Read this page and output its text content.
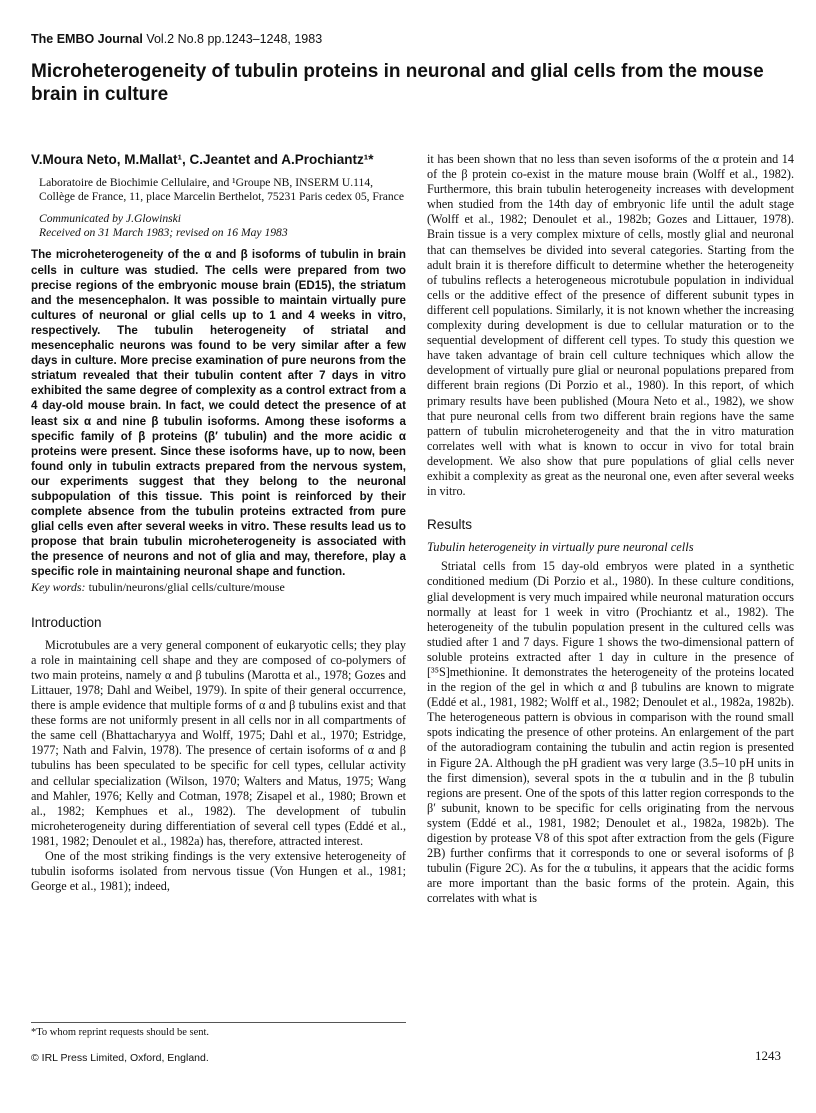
The EMBO Journal Vol.2 No.8 pp.1243–1248, 1983
Microheterogeneity of tubulin proteins in neuronal and glial cells from the mouse brain in culture
V.Moura Neto, M.Mallat¹, C.Jeantet and A.Prochiantz¹*
Laboratoire de Biochimie Cellulaire, and ¹Groupe NB, INSERM U.114, Collège de France, 11, place Marcelin Berthelot, 75231 Paris cedex 05, France
Communicated by J.Glowinski
Received on 31 March 1983; revised on 16 May 1983

The microheterogeneity of the α and β isoforms of tubulin in brain cells in culture was studied. The cells were prepared from two precise regions of the embryonic mouse brain (ED15), the striatum and the mesencephalon. It was possible to maintain virtually pure cultures of neuronal or glial cells up to 1 and 4 weeks in vitro, respectively. The tubulin heterogeneity of striatal and mesencephalic neurons was found to be very similar after a few days in culture. More precise examination of pure neurons from the striatum revealed that their tubulin content after 7 days in vitro exhibited the same degree of complexity as a control extract from a 4 day-old mouse brain. In fact, we could detect the presence of at least six α and nine β tubulin isoforms. Among these isoforms a specific family of β proteins (β′ tubulin) and the more acidic α proteins were present. Since these isoforms have, up to now, been found only in tubulin extracts prepared from the nervous system, our experiments suggest that they belong to the neuronal subpopulation of this tissue. This point is reinforced by their complete absence from the tubulin proteins extracted from pure glial cells even after several weeks in vitro. These results lead us to propose that brain tubulin microheterogeneity is associated with the presence of neurons and not of glia and may, therefore, play a specific role in maintaining neuronal shape and function.

Key words: tubulin/neurons/glial cells/culture/mouse
Introduction

Microtubules are a very general component of eukaryotic cells; they play a role in maintaining cell shape and they are composed of co-polymers of two main proteins, namely α and β tubulins (Marotta et al., 1978; Gozes and Littauer, 1978; Dahl and Weibel, 1979). In spite of their general occurrence, there is ample evidence that multiple forms of α and β tubulins exist and that these forms are not uniformly present in all cells nor in all compartments of the same cell (Bhattacharyya and Wolff, 1975; Dahl et al., 1970; Estridge, 1977; Nath and Falvin, 1978). The presence of certain isoforms of α and β tubulins has been speculated to be specific for cell types, cellular activity and cellular specialization (Wilson, 1970; Walters and Matus, 1975; Wang and Mahler, 1976; Kelly and Cotman, 1978; Zisapel et al., 1980; Brown et al., 1982; Kemphues et al., 1982). The development of tubulin microheterogeneity during differentiation of several cell types (Eddé et al., 1981, 1982; Denoulet et al., 1982a) has, therefore, attracted interest.

One of the most striking findings is the very extensive heterogeneity of tubulin isoforms isolated from nervous tissue (Von Hungen et al., 1981; George et al., 1981); indeed,

it has been shown that no less than seven isoforms of the α protein and 14 of the β protein co-exist in the mature mouse brain (Wolff et al., 1982). Furthermore, this brain tubulin heterogeneity increases with development when studied from the 14th day of embryonic life until the adult stage (Wolff et al., 1982; Denoulet et al., 1982b; Gozes and Littauer, 1978). Brain tissue is a very complex mixture of cells, mostly glial and neuronal that can themselves be divided into several categories. Starting from the adult brain it is therefore difficult to determine whether the heterogeneity of tubulins reflects a heterogeneous microtubule population in individual cells or the additive effect of the presence of different subunit types in different cell populations. Similarly, it is not known whether the increasing complexity during development is due to cellular maturation or to the sequential development of different cell types. To study this question we have taken advantage of brain cell culture techniques which allow the development of virtually pure glial or neuronal populations prepared from different brain regions (Di Porzio et al., 1980). In this report, of which primary results have been published (Moura Neto et al., 1982), we show that pure neuronal cells from two different brain regions have the same pattern of tubulin microheterogeneity and that the in vitro maturation correlates well with what is known to occur in vivo for total brain development. We also show that pure populations of glial cells never exhibit a complexity as great as the neuronal one, even after several weeks in vitro.

Results
Tubulin heterogeneity in virtually pure neuronal cells

Striatal cells from 15 day-old embryos were plated in a synthetic conditioned medium (Di Porzio et al., 1980). In these culture conditions, glial development is very much impaired while neuronal maturation occurs normally at least for 1 week in vitro (Prochiantz et al., 1982). The heterogeneity of the tubulin population present in the cultured cells was studied after 1 and 7 days. Figure 1 shows the two-dimensional pattern of soluble proteins extracted after 1 day in culture in the presence of [³⁵S]methionine. It demonstrates the heterogeneity of the proteins located in the region of the gel in which α and β tubulins are known to migrate (Eddé et al., 1981, 1982; Wolff et al., 1982; Denoulet et al., 1982a, 1982b). The heterogeneous pattern is obvious in comparison with the round small spots indicating the presence of other proteins. An enlargement of the part of the autoradiogram containing the tubulin and actin region is presented in Figure 2A. Although the pH gradient was very large (3.5–10 pH units in the first dimension), several spots in the α tubulin and in the β tubulin regions are present. One of the spots of this latter region corresponds to the β′ subunit, known to be specific for cells originating from the nervous system (Eddé et al., 1981, 1982; Denoulet et al., 1982a, 1982b). The digestion by protease V8 of this spot after extraction from the gels (Figure 2B) further confirms that it corresponds to one or several isoforms of β tubulin (Figure 2C). As for the α tubulins, it appears that the acidic forms are more important than the basic forms of the protein. Again, this correlates with what is

*To whom reprint requests should be sent.
© IRL Press Limited, Oxford, England.	1243
